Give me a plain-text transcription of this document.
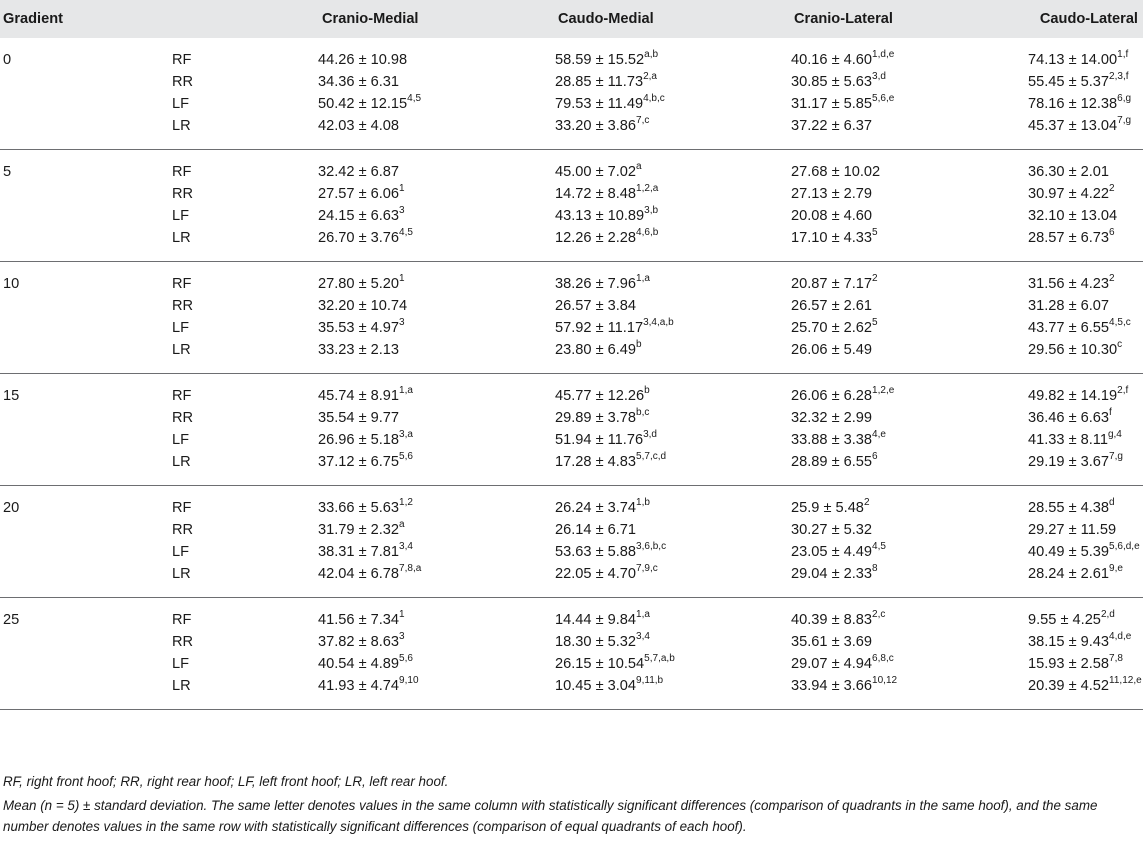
Gradient		Cranio-Medial	Caudo-Medial	Cranio-Lateral	Caudo-Lateral
0	RF	44.26 ± 10.98	$58.59 \pm 15.52^{a,b}$	$40.16 \pm 4.60^{1,d,e}$	$74.13 \pm 14.00^{1,f}$
	RR	34.36 ± 6.31	$28.85 \pm 11.73^{2,a}$	$30.85 \pm 5.63^{3,d}$	$55.45 \pm 5.37^{2,3,f}$
	LF	$50.42 \pm 12.15^{4,5}$	$79.53 \pm 11.49^{4,b,c}$	$31.17 \pm 5.85^{5,6,e}$	$78.16 \pm 12.38^{6,g}$
	LR	42.03 ± 4.08	$33.20 \pm 3.86^{7,c}$	37.22 ± 6.37	$45.37 \pm 13.04^{7,g}$
5	RF	32.42 ± 6.87	45.00 ± 7.02$^a$	27.68 ± 10.02	36.30 ± 2.01
	RR	$27.57 \pm 6.06^1$	$14.72 \pm 8.48^{1,2,a}$	27.13 ± 2.79	$30.97 \pm 4.22^2$
	LF	$24.15 \pm 6.63^3$	$43.13 \pm 10.89^{3,b}$	20.08 ± 4.60	32.10 ± 13.04
	LR	$26.70 \pm 3.76^{4,5}$	$12.26 \pm 2.28^{4,6,b}$	$17.10 \pm 4.33^5$	$28.57 \pm 6.73^6$
10	RF	$27.80 \pm 5.20^1$	$38.26 \pm 7.96^{1,a}$	$20.87 \pm 7.17^2$	$31.56 \pm 4.23^2$
	RR	32.20 ± 10.74	26.57 ± 3.84	26.57 ± 2.61	31.28 ± 6.07
	LF	$35.53 \pm 4.97^3$	$57.92 \pm 11.17^{3,4,a,b}$	$25.70 \pm 2.62^5$	$43.77 \pm 6.55^{4,5,c}$
	LR	33.23 ± 2.13	23.80 ± 6.49$^b$	26.06 ± 5.49	29.56 ± 10.30$^c$
15	RF	$45.74 \pm 8.91^{1,a}$	45.77 ± 12.26$^b$	$26.06 \pm 6.28^{1,2,e}$	$49.82 \pm 14.19^{2,f}$
	RR	35.54 ± 9.77	$29.89 \pm 3.78^{b,c}$	32.32 ± 2.99	36.46 ± 6.63$^f$
	LF	$26.96 \pm 5.18^{3,a}$	$51.94 \pm 11.76^{3,d}$	$33.88 \pm 3.38^{4,e}$	$41.33 \pm 8.11^{g,4}$
	LR	$37.12 \pm 6.75^{5,6}$	$17.28 \pm 4.83^{5,7,c,d}$	$28.89 \pm 6.55^6$	$29.19 \pm 3.67^{7,g}$
20	RF	$33.66 \pm 5.63^{1,2}$	$26.24 \pm 3.74^{1,b}$	$25.9 \pm 5.48^2$	28.55 ± 4.38$^d$
	RR	31.79 ± 2.32$^a$	26.14 ± 6.71	30.27 ± 5.32	29.27 ± 11.59
	LF	$38.31 \pm 7.81^{3,4}$	$53.63 \pm 5.88^{3,6,b,c}$	$23.05 \pm 4.49^{4,5}$	$40.49 \pm 5.39^{5,6,d,e}$
	LR	$42.04 \pm 6.78^{7,8,a}$	$22.05 \pm 4.70^{7,9,c}$	$29.04 \pm 2.33^8$	$28.24 \pm 2.61^{9,e}$
25	RF	$41.56 \pm 7.34^1$	$14.44 \pm 9.84^{1,a}$	$40.39 \pm 8.83^{2,c}$	$9.55 \pm 4.25^{2,d}$
	RR	$37.82 \pm 8.63^3$	$18.30 \pm 5.32^{3,4}$	35.61 ± 3.69	$38.15 \pm 9.43^{4,d,e}$
	LF	$40.54 \pm 4.89^{5,6}$	$26.15 \pm 10.54^{5,7,a,b}$	$29.07 \pm 4.94^{6,8,c}$	$15.93 \pm 2.58^{7,8}$
	LR	$41.93 \pm 4.74^{9,10}$	$10.45 \pm 3.04^{9,11,b}$	$33.94 \pm 3.66^{10,12}$	$20.39 \pm 4.52^{11,12,e}$

RF, right front hoof; RR, right rear hoof; LF, left front hoof; LR, left rear hoof.

Mean (n = 5) ± standard deviation. The same letter denotes values in the same column with statistically significant differences (comparison of quadrants in the same hoof), and the same number denotes values in the same row with statistically significant differences (comparison of equal quadrants of each hoof).
